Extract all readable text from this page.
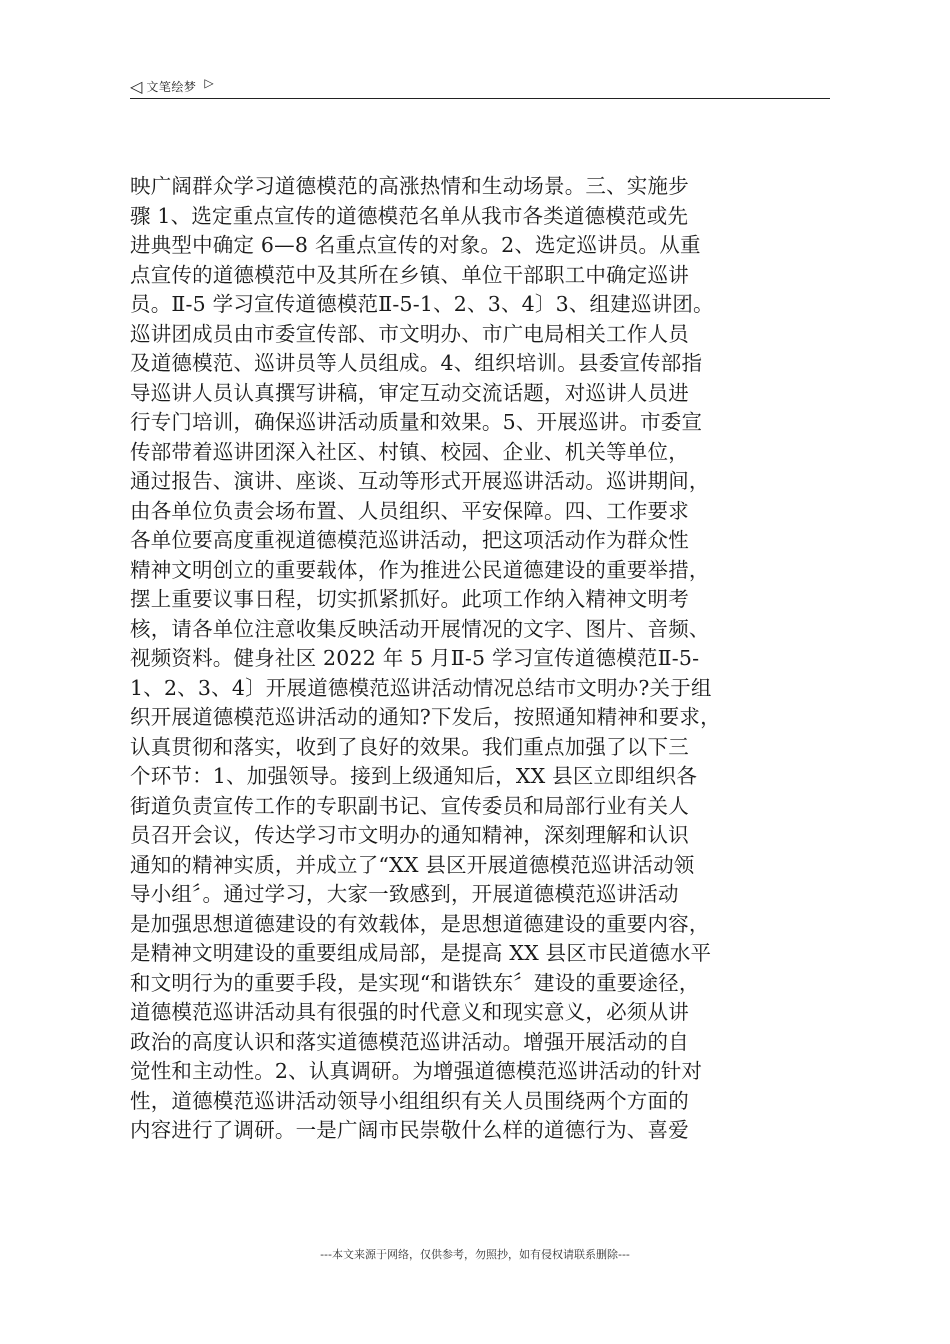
◁ 文笔绘梦 ▷
映广阔群众学习道德模范的高涨热情和生动场景。三、实施步
骤 1、选定重点宣传的道德模范名单从我市各类道德模范或先
进典型中确定 6—8 名重点宣传的对象。2、选定巡讲员。从重
点宣传的道德模范中及其所在乡镇、单位干部职工中确定巡讲
员。Ⅱ-5 学习宣传道德模范Ⅱ-5-1、2、3、4〕3、组建巡讲团。
巡讲团成员由市委宣传部、市文明办、市广电局相关工作人员
及道德模范、巡讲员等人员组成。4、组织培训。县委宣传部指
导巡讲人员认真撰写讲稿，审定互动交流话题，对巡讲人员进
行专门培训，确保巡讲活动质量和效果。5、开展巡讲。市委宣
传部带着巡讲团深入社区、村镇、校园、企业、机关等单位，
通过报告、演讲、座谈、互动等形式开展巡讲活动。巡讲期间，
由各单位负责会场布置、人员组织、平安保障。四、工作要求
各单位要高度重视道德模范巡讲活动，把这项活动作为群众性
精神文明创立的重要载体，作为推进公民道德建设的重要举措，
摆上重要议事日程，切实抓紧抓好。此项工作纳入精神文明考
核，请各单位注意收集反映活动开展情况的文字、图片、音频、
视频资料。健身社区 2022 年 5 月Ⅱ-5 学习宣传道德模范Ⅱ-5-
1、2、3、4〕开展道德模范巡讲活动情况总结市文明办?关于组
织开展道德模范巡讲活动的通知?下发后，按照通知精神和要求，
认真贯彻和落实，收到了良好的效果。我们重点加强了以下三
个环节：1、加强领导。接到上级通知后，XX 县区立即组织各
街道负责宣传工作的专职副书记、宣传委员和局部行业有关人
员召开会议，传达学习市文明办的通知精神，深刻理解和认识
通知的精神实质，并成立了“XX 县区开展道德模范巡讲活动领
导小组〞。通过学习，大家一致感到，开展道德模范巡讲活动
是加强思想道德建设的有效载体，是思想道德建设的重要内容，
是精神文明建设的重要组成局部，是提高 XX 县区市民道德水平
和文明行为的重要手段，是实现“和谐铁东〞建设的重要途径，
道德模范巡讲活动具有很强的时代意义和现实意义，必须从讲
政治的高度认识和落实道德模范巡讲活动。增强开展活动的自
觉性和主动性。2、认真调研。为增强道德模范巡讲活动的针对
性，道德模范巡讲活动领导小组组织有关人员围绕两个方面的
内容进行了调研。一是广阔市民崇敬什么样的道德行为、喜爱
---本文来源于网络，仅供参考，勿照抄，如有侵权请联系删除---
